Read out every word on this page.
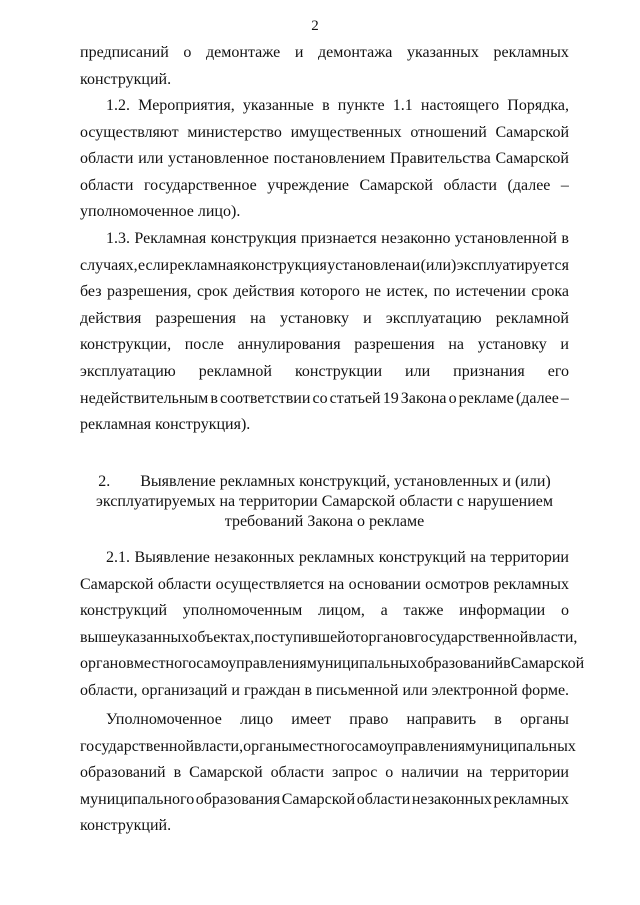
2
предписаний о демонтаже и демонтажа указанных рекламных
конструкций.
1.2. Мероприятия, указанные в пункте 1.1 настоящего Порядка,
осуществляют министерство имущественных отношений Самарской
области или установленное постановлением Правительства Самарской
области государственное учреждение Самарской области (далее –
уполномоченное лицо).
1.3. Рекламная конструкция признается незаконно установленной в
случаях, если рекламная конструкция установлена и (или) эксплуатируется
без разрешения, срок действия которого не истек, по истечении срока
действия разрешения на установку и эксплуатацию рекламной
конструкции, после аннулирования разрешения на установку и
эксплуатацию рекламной конструкции или признания его
недействительным в соответствии со статьей 19 Закона о рекламе (далее –
рекламная конструкция).
2. Выявление рекламных конструкций, установленных и (или)
эксплуатируемых на территории Самарской области с нарушением
требований Закона о рекламе
2.1. Выявление незаконных рекламных конструкций на территории
Самарской области осуществляется на основании осмотров рекламных
конструкций уполномоченным лицом, а также информации о
вышеуказанных объектах, поступившей от органов государственной власти,
органов местного самоуправления муниципальных образований в Самарской
области, организаций и граждан в письменной или электронной форме.
Уполномоченное лицо имеет право направить в органы
государственной власти, органы местного самоуправления муниципальных
образований в Самарской области запрос о наличии на территории
муниципального образования Самарской области незаконных рекламных
конструкций.
